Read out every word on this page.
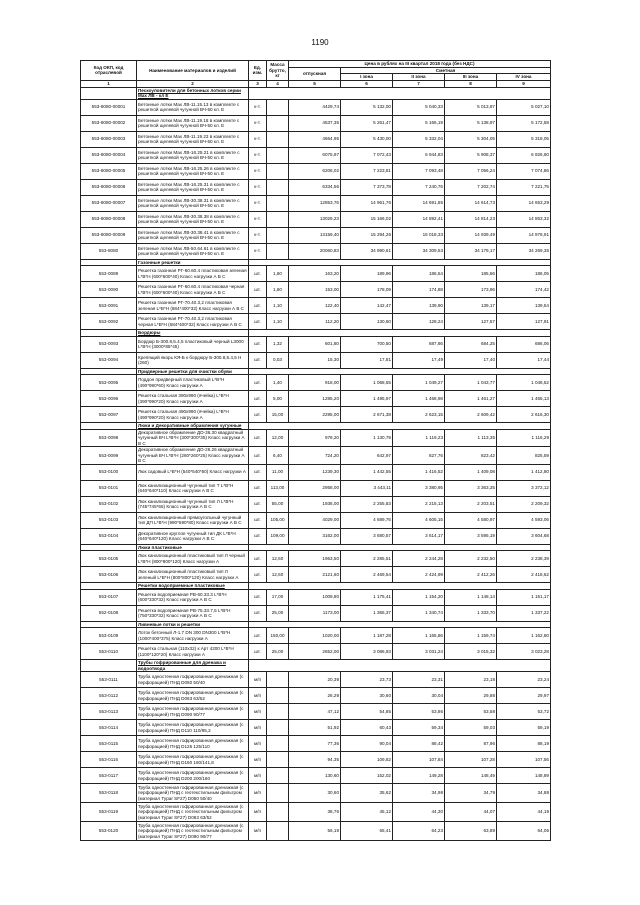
1190
Код ОКП, код отраслевой	Наименование материалов и изделий	Ед. изм.	Масса брутто, кг	Цена в рублях на III квартал 2018 года (без НДС)				
				отпускная	Сметная			
					I зона	II зона	III зона	IV зона
1	2	3	4	5	6	7	8	9
	Пескоуловители для бетонных лотков серии Max ЛВ - кл Е							
553-8080-00001	Бетонные лотки Max ЛВ-11.15.13 в комплекте с решеткой щелевой чугунной ВЧ-50 кл. Е	к-т.		4429,74	5 132,00	5 040,33	5 013,87	5 027,10
553-8080-00002	Бетонные лотки Max ЛВ-11.19.18 в комплекте с решеткой щелевой чугунной ВЧ-50 кл. Е	к-т.		4537,35	5 261,47	5 166,19	5 138,97	5 172,58
553-8080-00003	Бетонные лотки Max ЛВ-11.19.23 в комплекте с решеткой щелевой чугунной ВЧ-50 кл. Е	к-т.		4664,95	5 430,00	5 332,04	5 304,05	5 318,05
553-8080-00004	Бетонные лотки Max ЛВ-16.25.21 в комплекте с решеткой щелевой чугунной ВЧ-50 кл. Е	к-т.		6075,97	7 072,43	6 944,83	5 908,37	6 926,60
553-8080-00005	Бетонные лотки Max ЛВ-16.25.26 в комплекте с решеткой щелевой чугунной ВЧ-50 кл. Е	к-т.		6206,02	7 223,81	7 093,48	7 056,24	7 074,86
553-8080-00006	Бетонные лотки Max ЛВ-16.25.31 в комплекте с решеткой щелевой чугунной ВЧ-50 кл. Е	к-т.		6334,56	7 373,78	7 240,76	7 202,74	7 221,75
553-8080-00007	Бетонные лотки Max ЛВ-30.38.31 в комплекте с решеткой щелевой чугунной ВЧ-50 кл. Е	к-т.		12853,76	14 961,76	14 691,85	14 614,73	14 653,29
553-8080-00008	Бетонные лотки Max ЛВ-30.38.38 в комплекте с решеткой щелевой чугунной ВЧ-50 кл. Е	к-т.		13029,23	15 166,02	14 892,41	14 814,23	14 853,32
553-8080-00009	Бетонные лотки Max ЛВ-30.38.41 в комплекте с решеткой щелевой чугунной ВЧ-50 кл. Е	к-т.		13159,40	15 294,26	15 018,33	14 939,49	14 978,91
553-8080	Бетонные лотки Max ЛВ-50.64.61 в комплекте с решеткой щелевой чугунной ВЧ-50 кл. Е	к-т.		20060,83	34 990,61	34 309,53	34 179,17	34 269,35
	Газонные решетки							
553-0089	Решетка газонная РГ-60.60.4 пластиковая зеленая L*B*H (600*600*40) Класс нагрузки А В С	шт.	1,60	163,20	189,96	186,54	185,56	186,05
553-0090	Решетка газонная РГ-60.60.4 пластиковая черная L*B*H (600*600*40) Класс нагрузки А В С	шт.	1,60	153,00	178,09	174,88	173,96	174,42
553-0091	Решетка газонная РГ-70.40.3,2 пластиковая зеленая L*B*H (684*400*32) Класс нагрузки А В С	шт.	1,10	122,40	142,47	139,90	139,17	139,54
553-0092	Решетка газонная РГ-70.40.3,2 пластиковая черная L*B*H (684*400*32) Класс нагрузки А В С	шт.	1,10	112,20	130,60	128,24	127,57	127,91
	Бордюры							
553-0093	Бордюр Б-300.8,5.4,5 пластиковый черный L3000 L*B*H (3000*85*45)	шт.	1,32	601,80	700,50	687,86	684,25	686,06
553-0094	Крепящий якорь КЯ-Б к бордюру Б-300.8,5.4,5 H (260)	шт.	0,03	15,30	17,81	17,49	17,40	17,44
	Придверные решетки для очистки обуви							
553-0095	Поддон придверный пластиковый L*B*H (490*990*60) Класс нагрузки А	шт.	1,40	918,00	1 068,55	1 049,27	1 043,77	1 046,52
553-0096	Решетка стальная 390х990 (ячейка) L*B*H (390*990*20) Класс нагрузки А	шт.	5,00	1285,20	1 495,97	1 468,98	1 461,27	1 465,13
553-0097	Решетка стальная 490х990 (ячейка) L*B*H (490*990*20) Класс нагрузки А	шт.	15,00	2295,00	2 671,38	2 623,15	2 609,42	2 616,30
	Люки и Декоративные обрамления чугунные							
553-0098	Декоративное обрамление ДО-36.30 квадратный чугунный ВЧ L*B*H (300*300*35) Класс нагрузки А В С	шт.	12,00	978,20	1 130,79	1 119,23	1 113,35	1 116,29
553-0099	Декоративное обрамление ДО-26.26 квадратный чугунный ВЧ L*B*H (260*260*25) Класс нагрузки А В С	шт.	6,40	724,20	642,97	827,76	823,42	825,59
553-0100	Люк садовый L*B*H (540*540*50) Класс нагрузки А	шт.	11,00	1239,30	1 442,55	1 416,52	1 409,08	1 412,80
553-0101	Люк канализационный чугунный тип Т L*B*H (640*640*110) Класс нагрузки А В С	шт.	113,00	2958,00	3 443,11	3 380,95	3 363,25	3 372,12
553-0102	Люк канализационный чугунный тип Л L*B*H (745*745*65) Класс нагрузки А В С	шт.	55,00	1936,00	2 255,83	2 215,13	2 203,51	2 209,32
553-0103	Люк канализационный прямоугольный чугунный тип ДП L*B*H (990*590*80) Класс нагрузки А В С	шт.	105,00	4029,00	4 689,76	4 605,15	4 580,97	4 593,06
553-0104	Декоративное круглое чугунный тип ДК L*B*H (640*640*120) Класс нагрузки А В С	шт.	109,00	3162,00	3 680,57	3 614,17	3 595,19	3 604,68
	Люки пластиковые							
553-0105	Люк канализационный пластиковый тип Л черный L*B*H (800*800*120) Класс нагрузки А	шт.	12,60	1963,50	2 285,51	2 244,28	2 232,50	2 238,39
553-0106	Люк канализационный пластиковый тип Л зеленый L*B*H (800*800*120) Класс нагрузки А	шт.	12,60	2121,60	2 469,54	2 424,99	2 412,26	2 418,62
	Решетки водоприемные пластиковые							
553-0107	Решетка водоприемная РВ-60.33.3 L*B*H (600*330*32) Класс нагрузки А В С	шт.	17,00	1009,80	1 175,41	1 154,20	1 148,14	1 151,17
552-0108	Решетка водоприемная РВ-75.33.7,5 L*B*H (750*330*32) Класс нагрузки А В С	шт.	25,00	1173,00	1 365,37	1 340,74	1 333,70	1 337,22
	Ливневые лотки и решетки							
553-0109	Лоток бетонный Л-1.7 DN 300 DN300 L*B*H (1000*400*375) Класс нагрузки А	шт.	150,00	1020,00	1 187,28	1 165,86	1 159,74	1 162,80
553-0110	Решетка стальная (110х32) к Арт 4200 L*B*H (1100*120*20) Класс нагрузки А	шт.	25,00	2652,00	3 086,93	3 031,24	3 015,32	3 023,28
	Трубы гофрированные для дренажа и водоотвода							
553-0111	Труба одностенная гофрированная дренажная (с перфорацией) ПНД D050 50/40	м/п		20,39	23,73	23,31	23,18	23,24
553-0112	Труба одностенная гофрированная дренажная (с перфорацией) ПНД D063 63/52	м/п		26,29	30,60	30,04	29,88	29,97
553-0113	Труба одностенная гофрированная дренажная (с перфорацией) ПНД D090 90/77	м/п		47,12	54,85	53,86	53,58	53,72
553-0114	Труба одностенная гофрированная дренажная (с перфорацией) ПНД D110 110/95,2	м/п		51,92	60,43	59,34	59,03	59,19
553-0115	Труба одностенная гофрированная дренажная (с перфорацией) ПНД D125 125/110	м/п		77,36	90,04	88,42	87,96	88,19
553-0116	Труба одностенная гофрированная дренажная (с перфорацией) ПНД D160 160/141,8	м/п		94,35	109,82	107,84	107,28	107,56
553-0117	Труба одностенная гофрированная дренажная (с перфорацией) ПНД D200 200/160	м/п		130,60	152,02	149,28	148,49	148,89
553-0118	Труба одностенная гофрированная дренажная (с перфорацией) ПНД с геотекстильным фильтром (материал Typar SF27) D050 50/40	м/п		30,60	35,62	34,98	34,79	34,88
553-0119	Труба одностенная гофрированная дренажная (с перфорацией) ПНД с геотекстильным фильтром (материал Typar SF27) D063 63/52	м/п		38,76	45,12	44,30	44,07	44,19
553-0120	Труба одностенная гофрированная дренажная (с перфорацией) ПНД с геотекстильным фильтром (материал Typar SF27) D090 90/77	м/п		56,19	65,41	64,23	63,89	64,06
